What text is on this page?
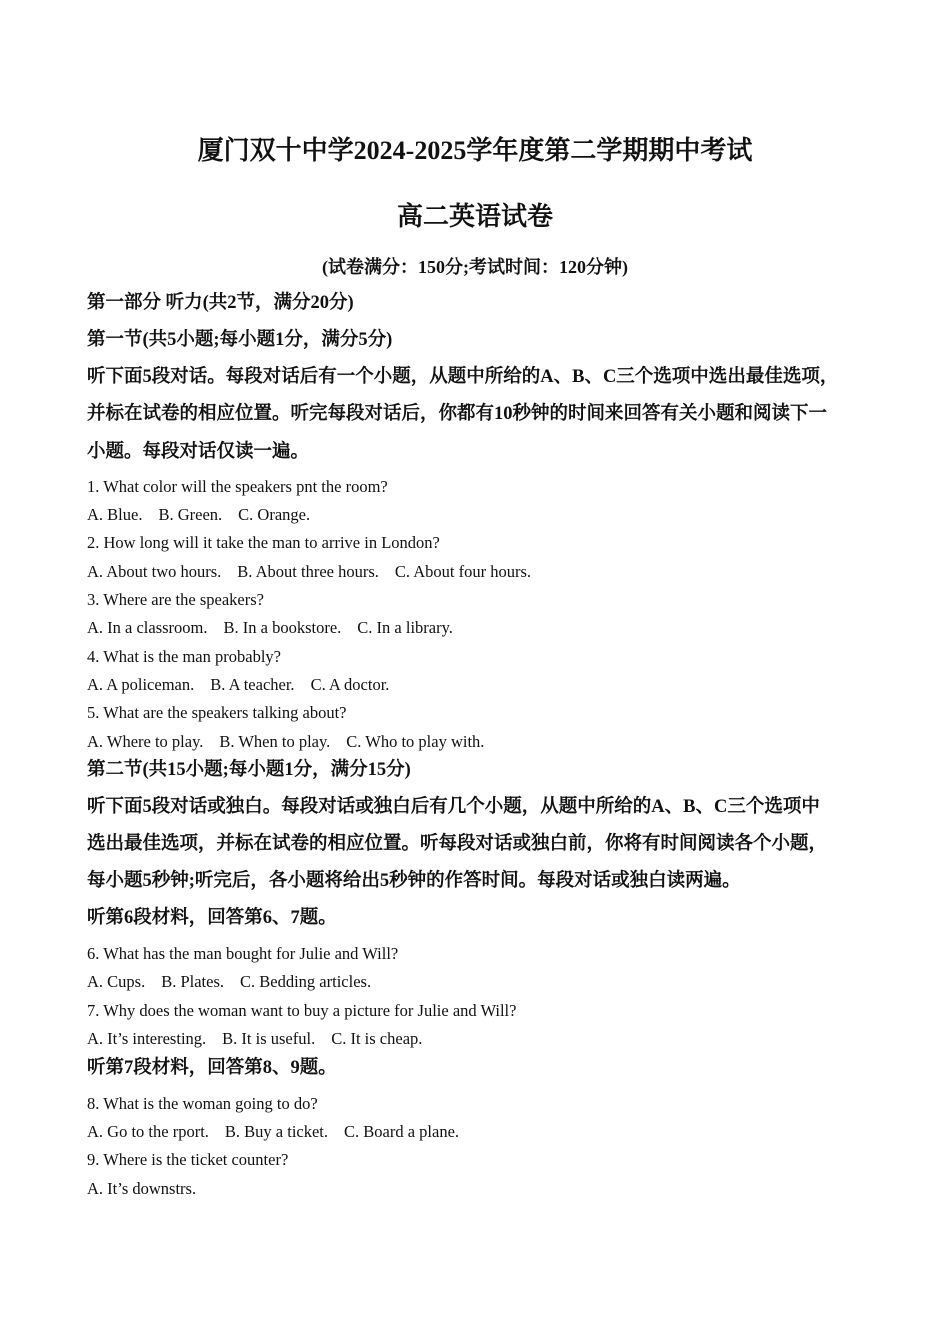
厦门双十中学2024-2025学年度第二学期期中考试
高二英语试卷
(试卷满分：150分;考试时间：120分钟)
第一部分 听力(共2节，满分20分)
第一节(共5小题;每小题1分，满分5分)
听下面5段对话。每段对话后有一个小题，从题中所给的A、B、C三个选项中选出最佳选项，
并标在试卷的相应位置。听完每段对话后，你都有10秒钟的时间来回答有关小题和阅读下一
小题。每段对话仅读一遍。
1. What color will the speakers pnt the room?
A. Blue. B. Green. C. Orange.
2. How long will it take the man to arrive in London?
A. About two hours. B. About three hours. C. About four hours.
3. Where are the speakers?
A. In a classroom. B. In a bookstore. C. In a library.
4. What is the man probably?
A. A policeman. B. A teacher. C. A doctor.
5. What are the speakers talking about?
A. Where to play. B. When to play. C. Who to play with.
第二节(共15小题;每小题1分，满分15分)
听下面5段对话或独白。每段对话或独白后有几个小题，从题中所给的A、B、C三个选项中
选出最佳选项，并标在试卷的相应位置。听每段对话或独白前，你将有时间阅读各个小题，
每小题5秒钟;听完后，各小题将给出5秒钟的作答时间。每段对话或独白读两遍。
听第6段材料，回答第6、7题。
6. What has the man bought for Julie and Will?
A. Cups. B. Plates. C. Bedding articles.
7. Why does the woman want to buy a picture for Julie and Will?
A. It’s interesting. B. It is useful. C. It is cheap.
听第7段材料，回答第8、9题。
8. What is the woman going to do?
A. Go to the rport. B. Buy a ticket. C. Board a plane.
9. Where is the ticket counter?
A. It’s downstrs.
